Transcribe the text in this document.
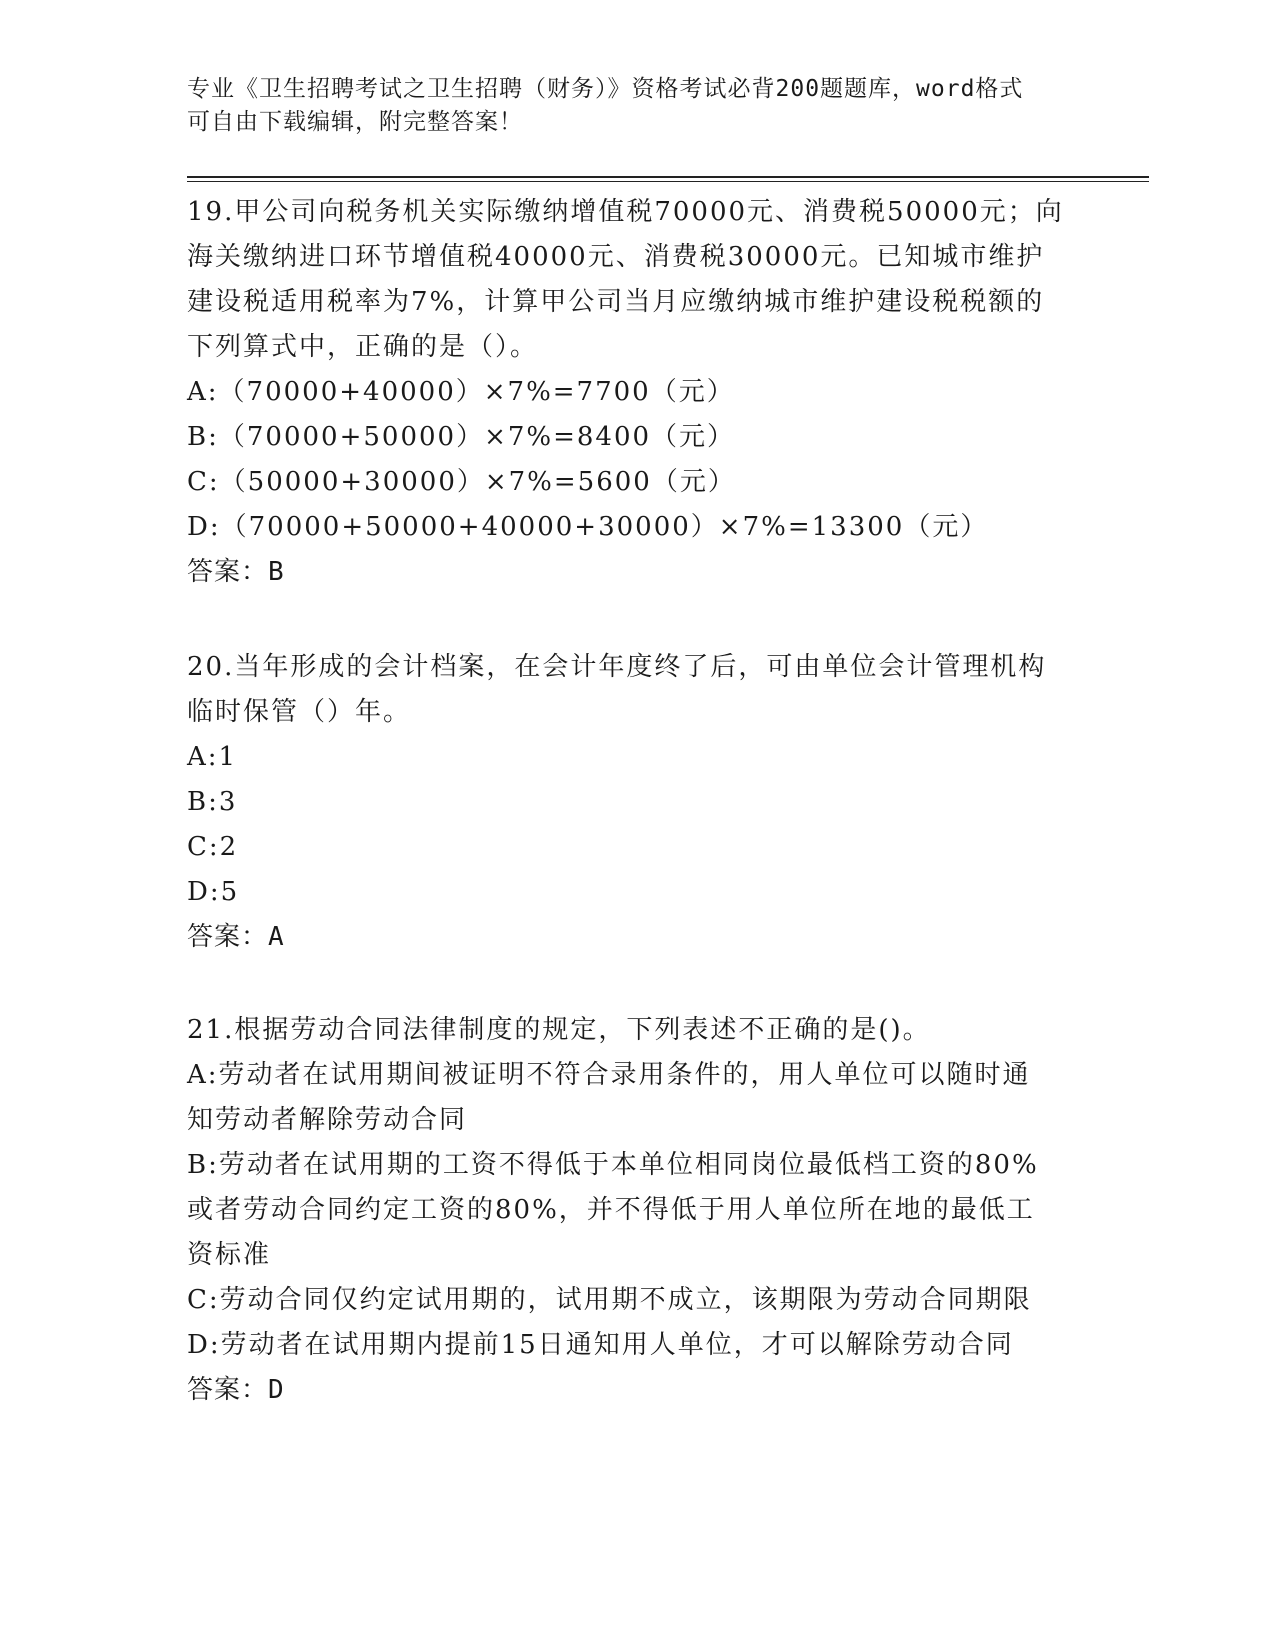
专业《卫生招聘考试之卫生招聘（财务）》资格考试必背200题题库，word格式
可自由下载编辑，附完整答案！
19.甲公司向税务机关实际缴纳增值税70000元、消费税50000元；向
海关缴纳进口环节增值税40000元、消费税30000元。已知城市维护
建设税适用税率为7%，计算甲公司当月应缴纳城市维护建设税税额的
下列算式中，正确的是（）。
A:（70000+40000）×7%=7700（元）
B:（70000+50000）×7%=8400（元）
C:（50000+30000）×7%=5600（元）
D:（70000+50000+40000+30000）×7%=13300（元）
答案：B
20.当年形成的会计档案，在会计年度终了后，可由单位会计管理机构
临时保管（）年。
A:1
B:3
C:2
D:5
答案：A
21.根据劳动合同法律制度的规定，下列表述不正确的是()。
A:劳动者在试用期间被证明不符合录用条件的，用人单位可以随时通
知劳动者解除劳动合同
B:劳动者在试用期的工资不得低于本单位相同岗位最低档工资的80%
或者劳动合同约定工资的80%，并不得低于用人单位所在地的最低工
资标准
C:劳动合同仅约定试用期的，试用期不成立，该期限为劳动合同期限
D:劳动者在试用期内提前15日通知用人单位，才可以解除劳动合同
答案：D
